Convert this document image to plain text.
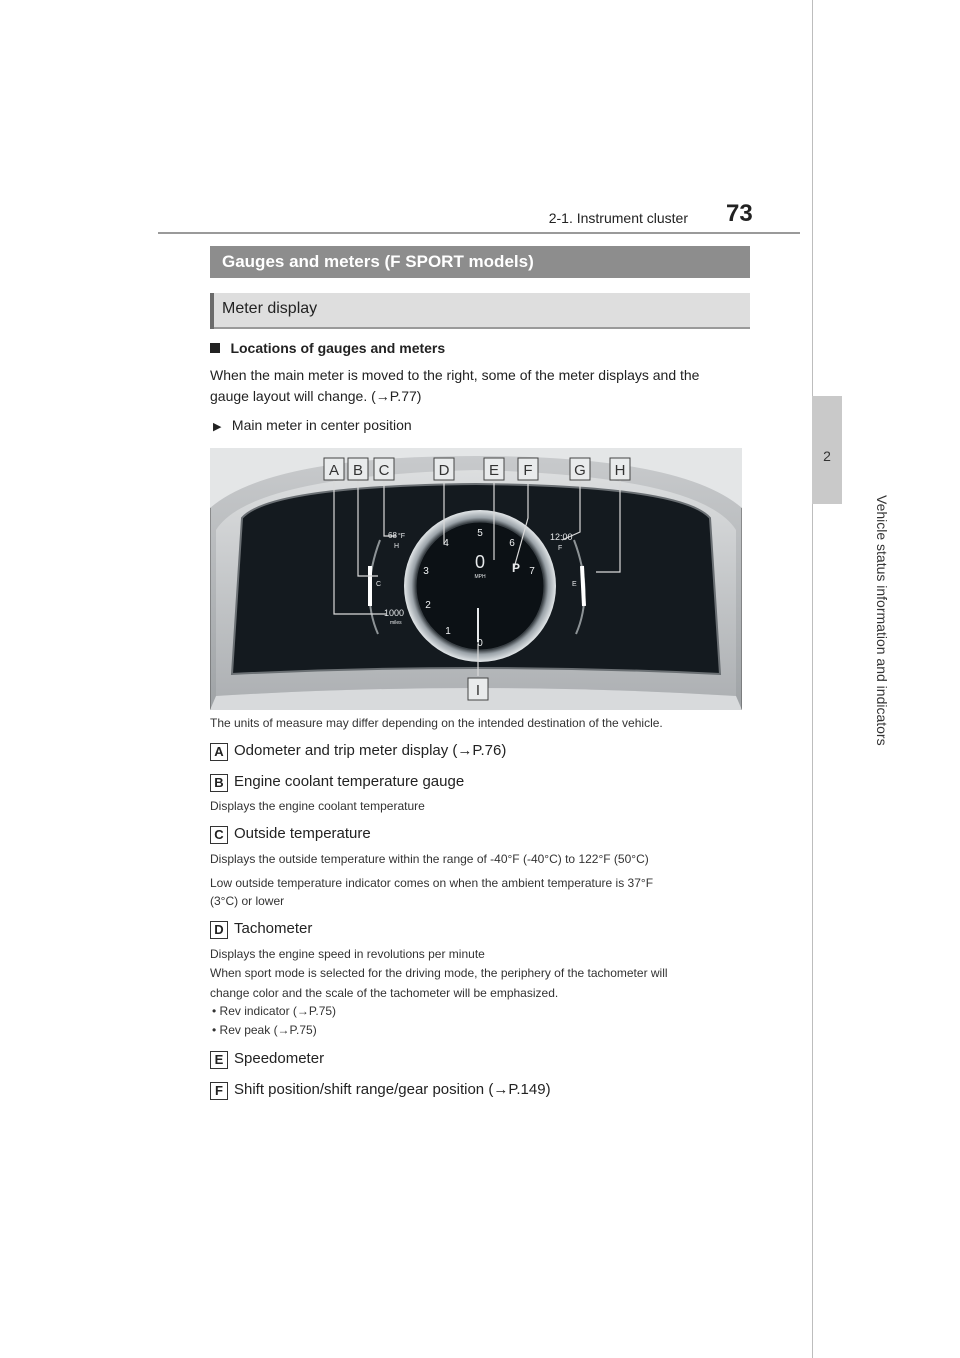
2-1. Instrument cluster 73
2
Vehicle status information and indicators
Gauges and meters (F SPORT models)
Meter display
Locations of gauges and meters
When the main meter is moved to the right, some of the meter displays and the
gauge layout will change. (→P.77)
▶ Main meter in center position
A B C	D	E F	G H
I
68 °F
H
C
1000
miles
12:00
F
E
0
MPH
P
0
1
2
3
4
5
6
7
The units of measure may differ depending on the intended destination of the vehicle.
A Odometer and trip meter display (→P.76)
B Engine coolant temperature gauge
Displays the engine coolant temperature
C Outside temperature
Displays the outside temperature within the range of -40°F (-40°C) to 122°F (50°C)
Low outside temperature indicator comes on when the ambient temperature is 37°F
(3°C) or lower
D Tachometer
Displays the engine speed in revolutions per minute
When sport mode is selected for the driving mode, the periphery of the tachometer will
change color and the scale of the tachometer will be emphasized.
• Rev indicator (→P.75)
• Rev peak (→P.75)
E Speedometer
F Shift position/shift range/gear position (→P.149)
